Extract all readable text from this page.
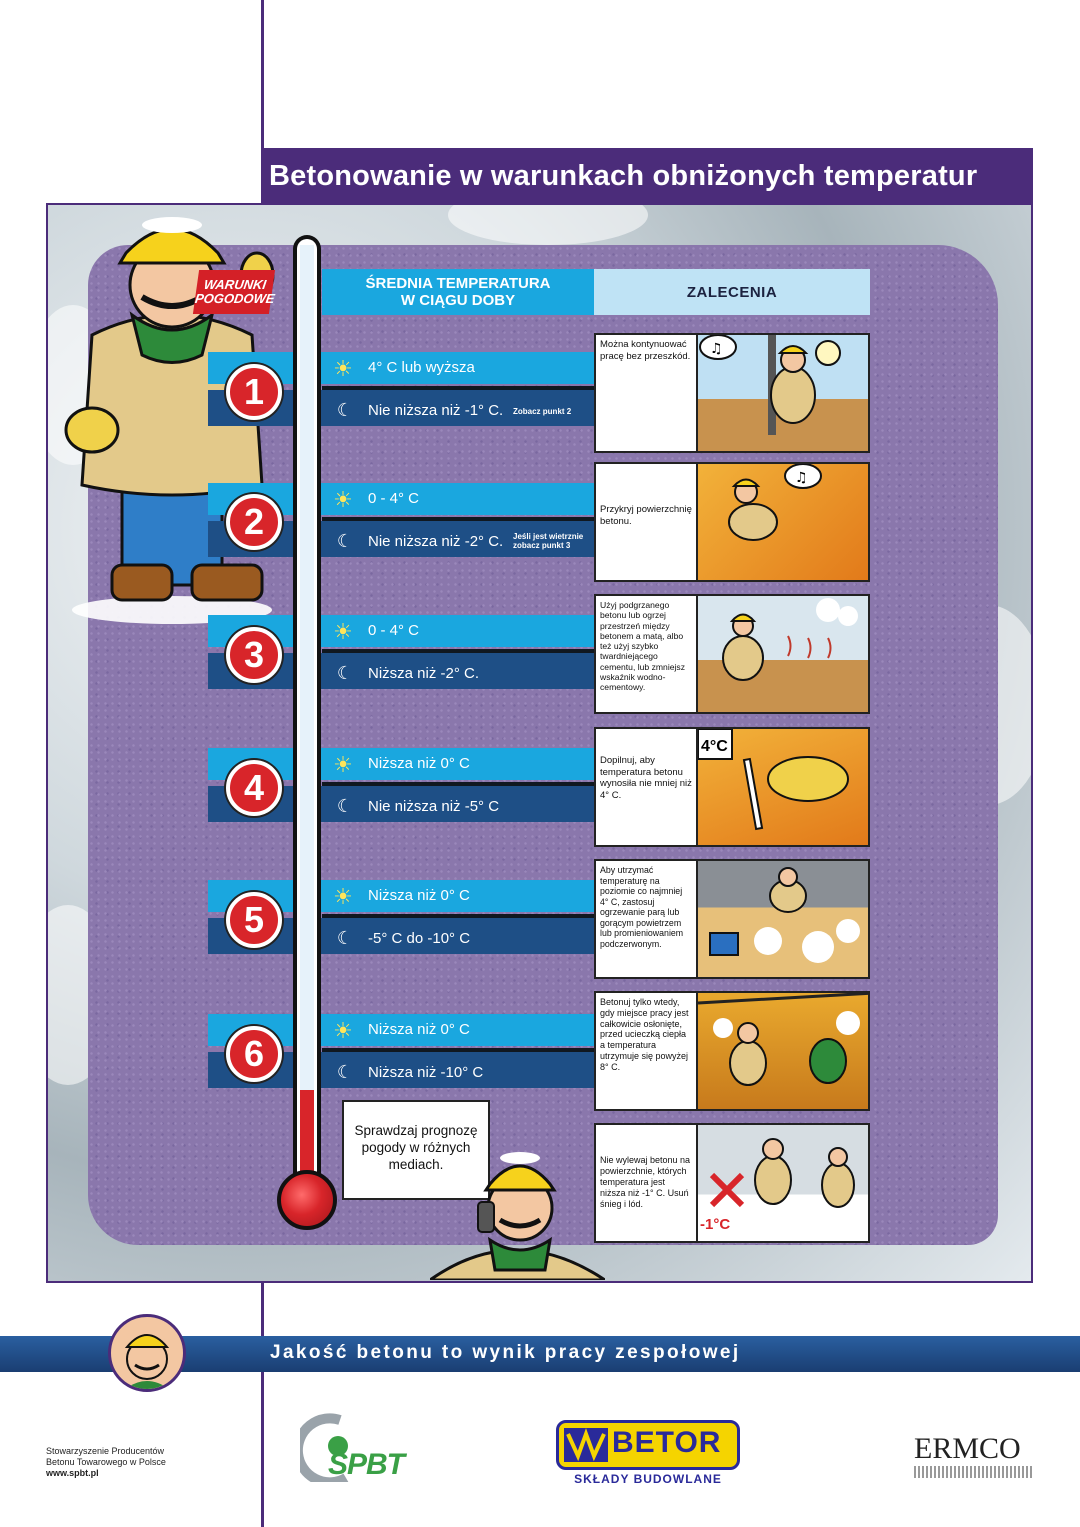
Betonowanie w warunkach obniżonych temperatur
WARUNKI
POGODOWE
ŚREDNIA TEMPERATURA
W CIĄGU DOBY	ZALECENIA
☀ 4° C lub wyższa
☾ Nie niższa niż -1° C. Zobacz punkt 2
1
☀ 0 - 4° C
☾ Nie niższa niż -2° C. Jeśli jest wietrznie zobacz punkt 3
2
☀ 0 - 4° C
☾ Niższa niż -2° C.
3
☀ Niższa niż 0° C
☾ Nie niższa niż -5° C
4
☀ Niższa niż 0° C
☾ -5° C do -10° C
5
☀ Niższa niż 0° C
☾ Niższa niż -10° C
6
Można kontynuować pracę bez przeszkód. ♫
Przykryj powierzchnię betonu.
♫
Użyj podgrzanego betonu lub ogrzej przestrzeń między betonem a matą, albo też użyj szybko twardniejącego cementu, lub zmniejsz wskaźnik wodno-cementowy.
Dopilnuj, aby temperatura betonu wynosiła nie mniej niż 4° C.
4°C
Aby utrzymać temperaturę na poziomie co najmniej 4° C, zastosuj ogrzewanie parą lub gorącym powietrzem lub promieniowaniem podczerwonym.
Betonuj tylko wtedy, gdy miejsce pracy jest całkowicie osłonięte, przed ucieczką ciepła a temperatura utrzymuje się powyżej 8° C.
Nie wylewaj betonu na powierzchnie, których temperatura jest niższa niż -1° C. Usuń śnieg i lód.
-1°C
Sprawdzaj prognozę pogody w różnych mediach.
Jakość betonu to wynik pracy zespołowej
Stowarzyszenie Producentów
Betonu Towarowego w Polsce
www.spbt.pl	SPBT
BETOR
SKŁADY BUDOWLANE
ERMCO
